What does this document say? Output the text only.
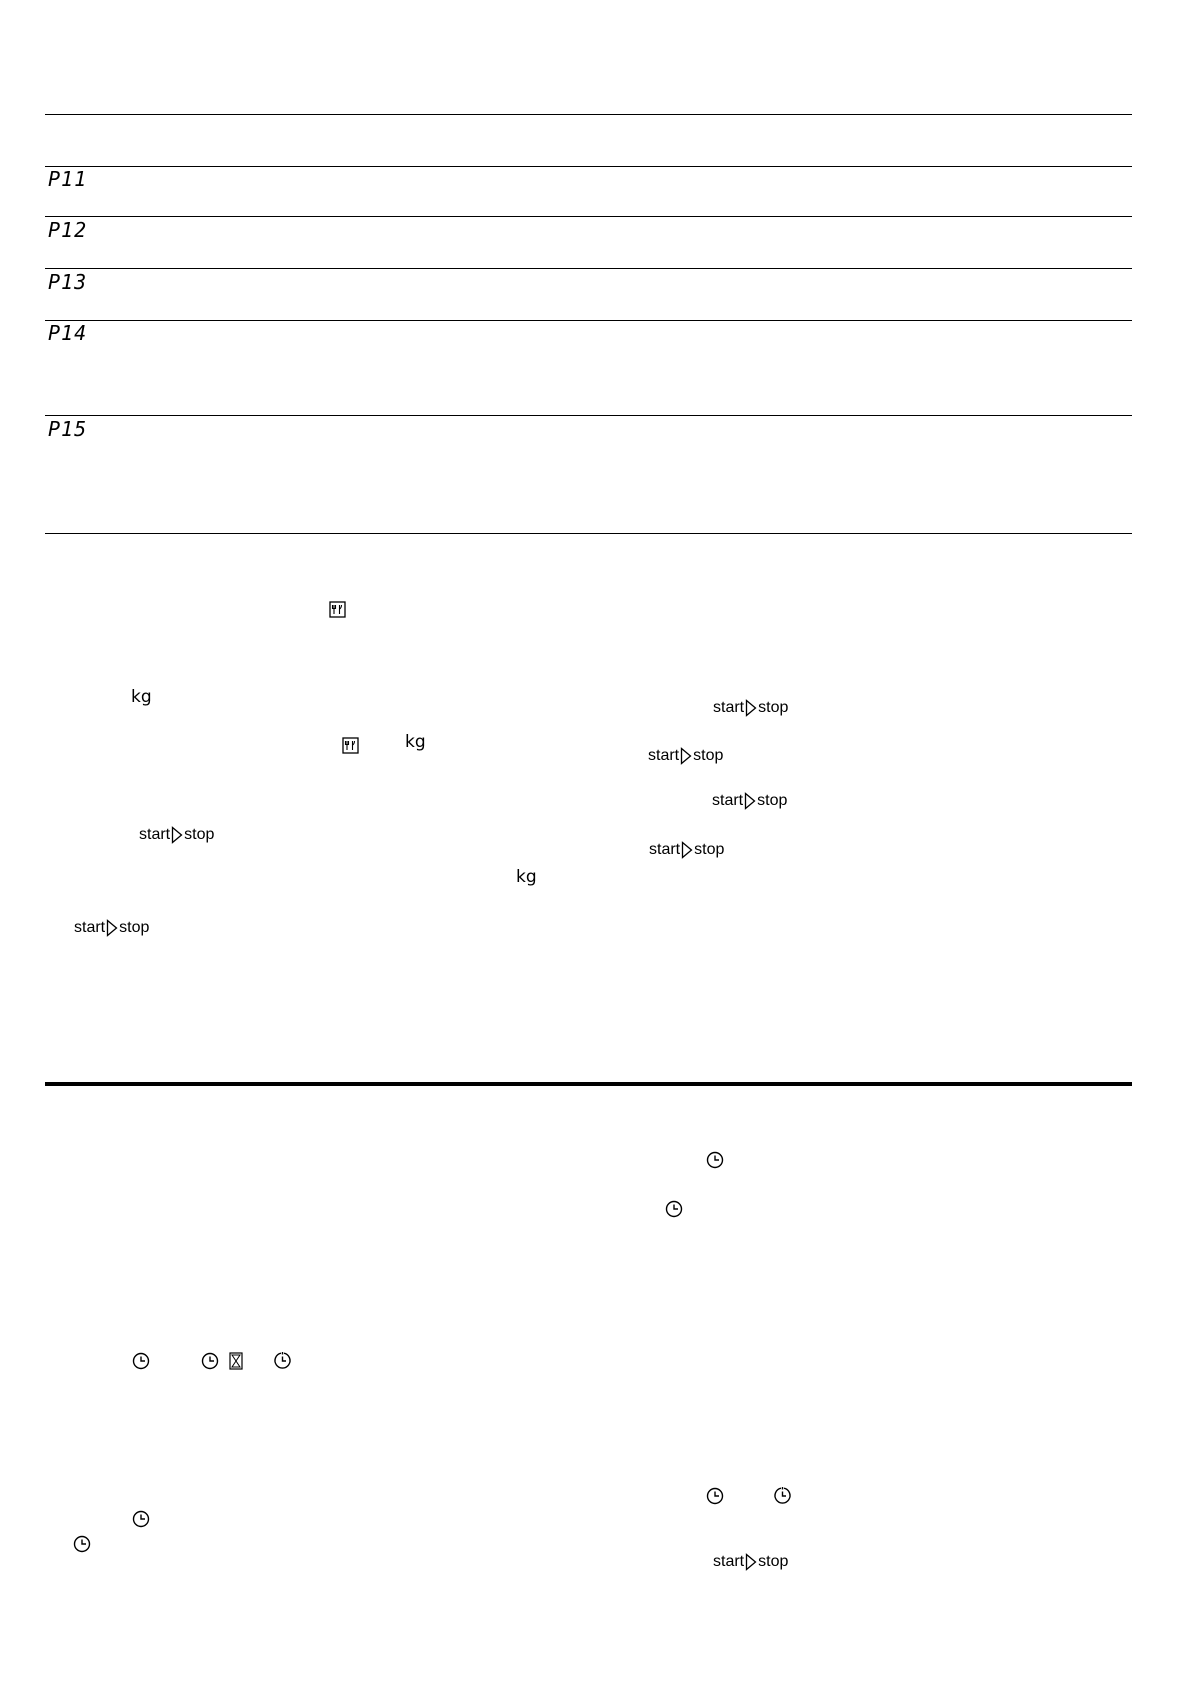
P11
P12
P13
P14
P15
kg
kg
kg
start stop
start stop
start stop
start stop
start stop
start stop
start stop
